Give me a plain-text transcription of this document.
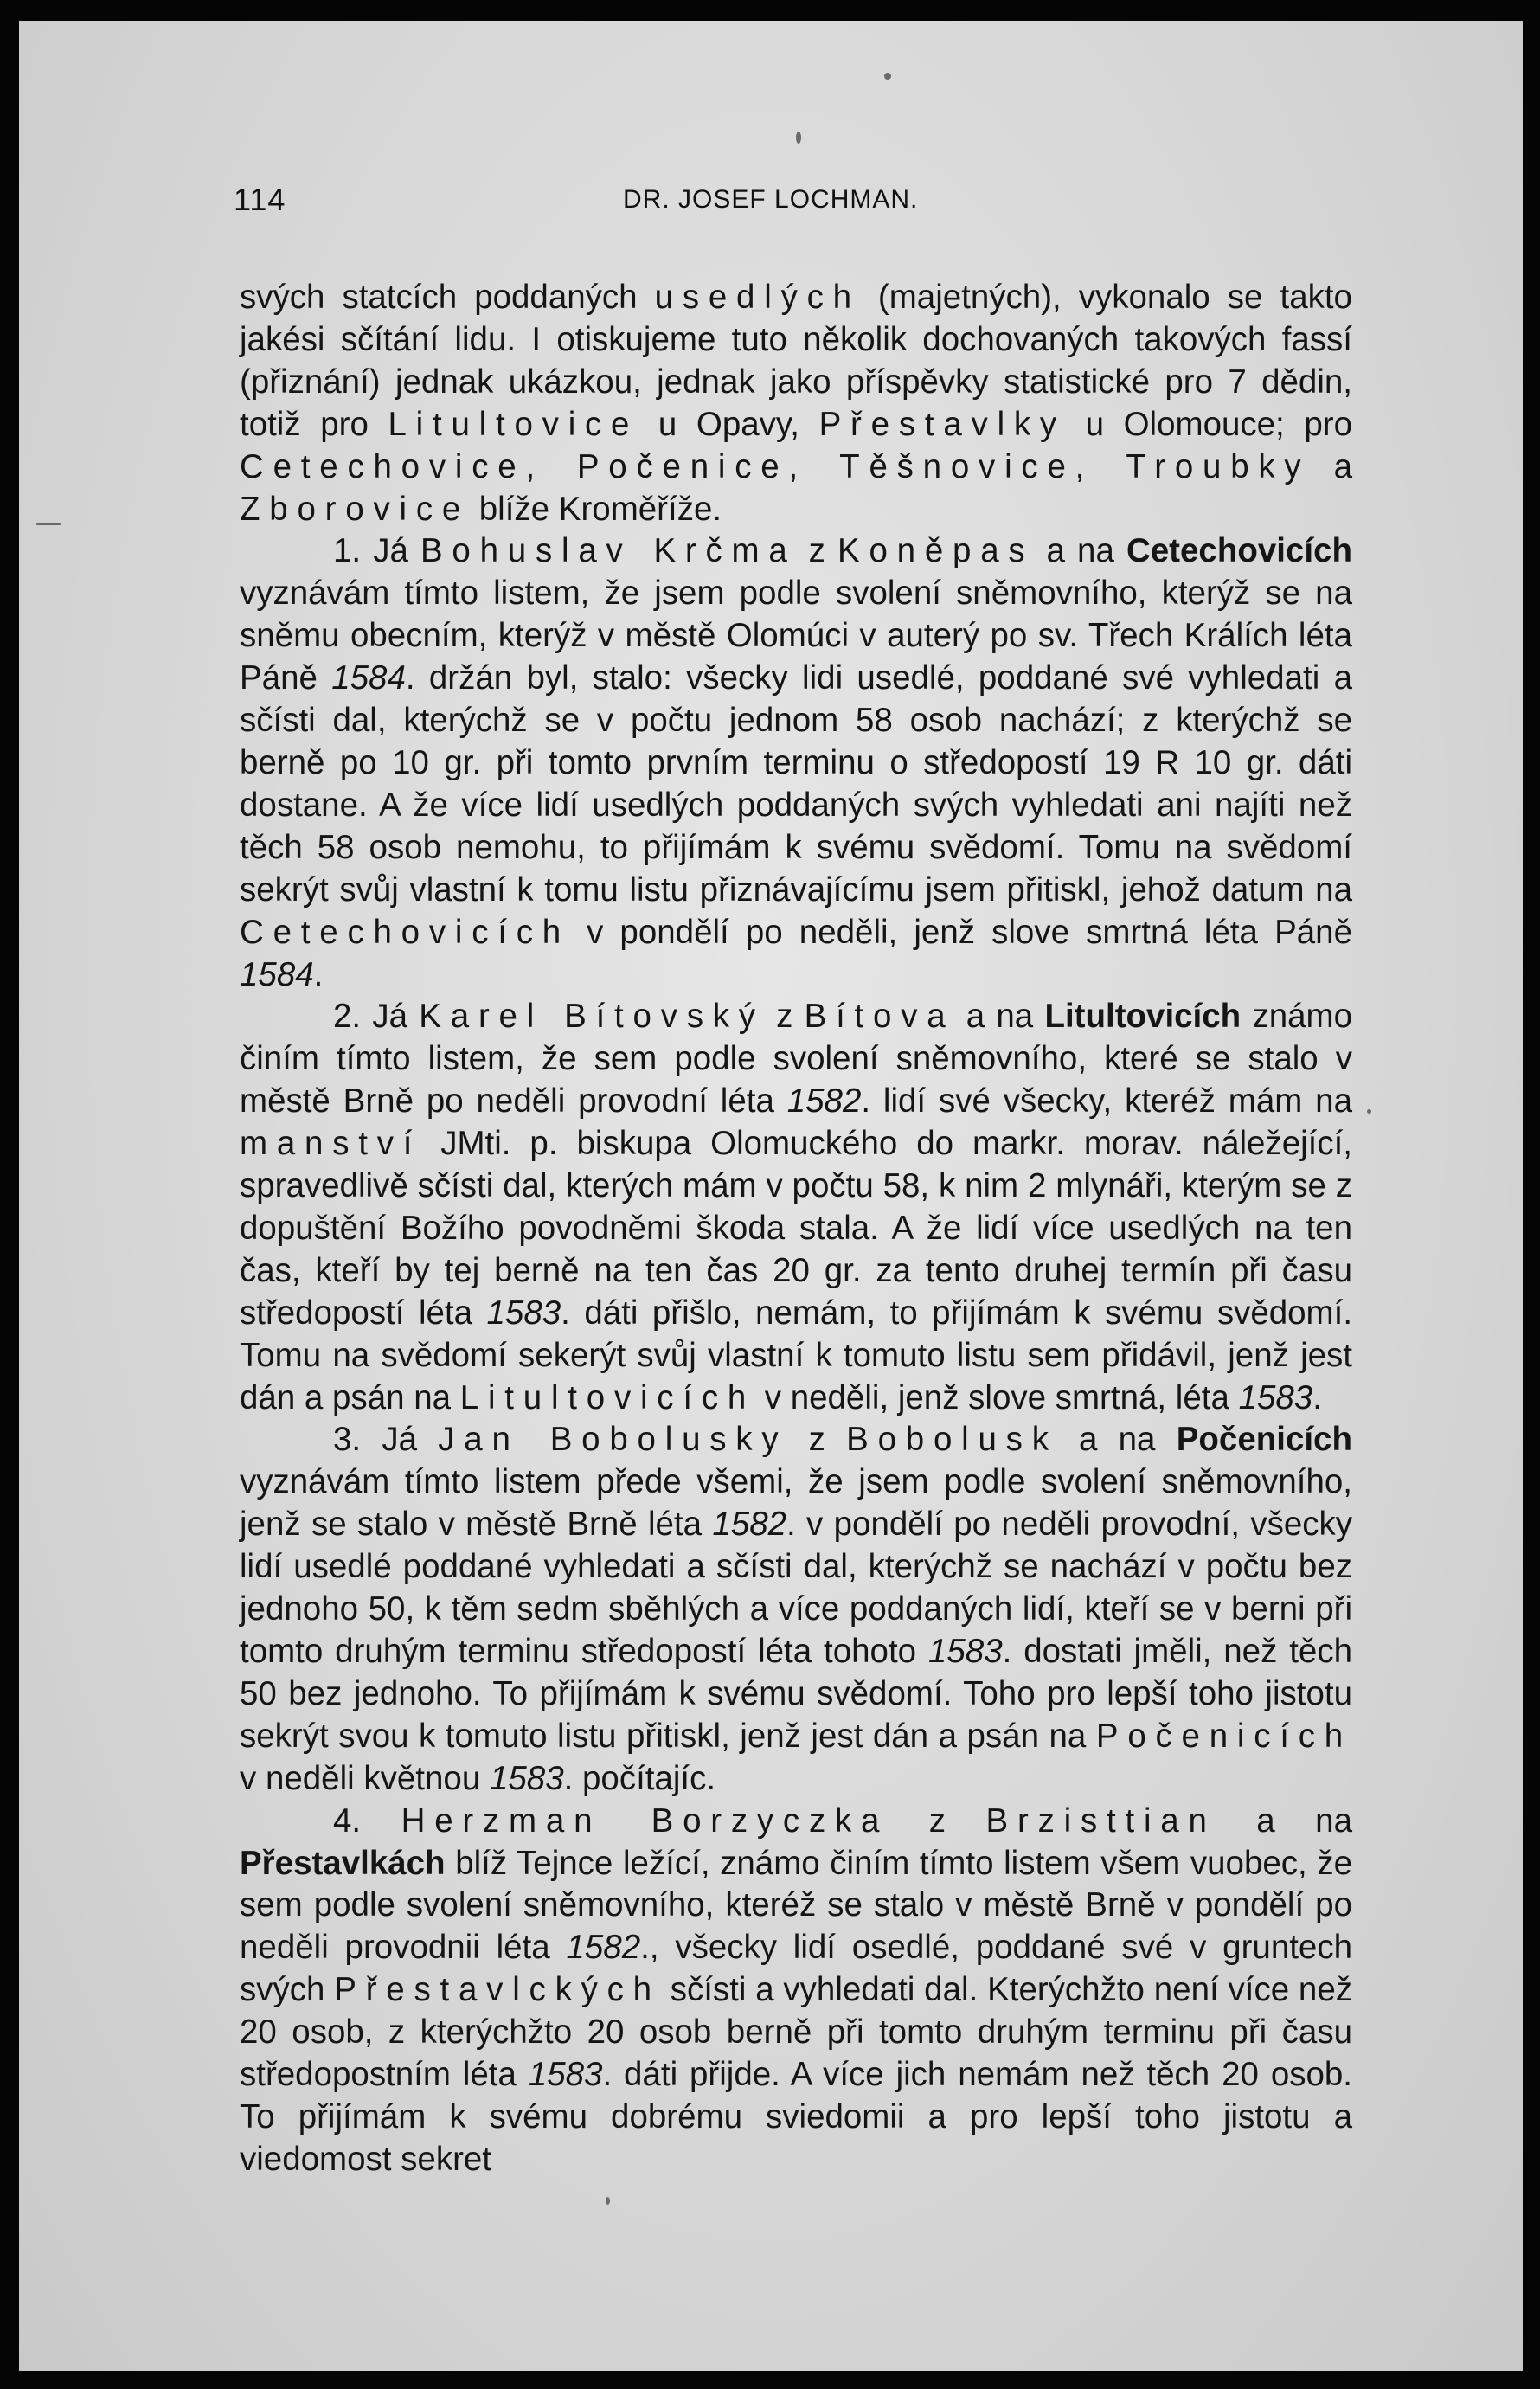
114	DR. JOSEF LOCHMAN.

svých statcích poddaných usedlých (majetných), vykonalo se takto jakési sčítání lidu. I otiskujeme tuto několik dochovaných takových fassí (přiznání) jednak ukázkou, jednak jako příspěvky statistické pro 7 dědin, totiž pro Litultovice u Opavy, Přestavlky u Olomouce; pro Cetechovice, Počenice, Těšnovice, Troubky a Zborovice blíže Kroměříže.

1. Já Bohuslav Krčma z Koněpas a na Cetechovicích vyznávám tímto listem, že jsem podle svolení sněmovního, kterýž se na sněmu obecním, kterýž v městě Olomúci v auterý po sv. Třech Králích léta Páně 1584. držán byl, stalo: všecky lidi usedlé, poddané své vyhledati a sčísti dal, kterýchž se v počtu jednom 58 osob nachází; z kterýchž se berně po 10 gr. při tomto prvním terminu o středopostí 19 R 10 gr. dáti dostane. A že více lidí usedlých poddaných svých vyhledati ani najíti než těch 58 osob nemohu, to přijímám k svému svědomí. Tomu na svědomí sekrýt svůj vlastní k tomu listu přiznávajícímu jsem přitiskl, jehož datum na Cetechovicích v pondělí po neděli, jenž slove smrtná léta Páně 1584.

2. Já Karel Bítovský z Bítova a na Litultovicích známo činím tímto listem, že sem podle svolení sněmovního, které se stalo v městě Brně po neděli provodní léta 1582. lidí své všecky, kteréž mám na manství JMti. p. biskupa Olomuckého do markr. morav. náležející, spravedlivě sčísti dal, kterých mám v počtu 58, k nim 2 mlynáři, kterým se z dopuštění Božího povodněmi škoda stala. A že lidí více usedlých na ten čas, kteří by tej berně na ten čas 20 gr. za tento druhej termín při času středopostí léta 1583. dáti přišlo, nemám, to přijímám k svému svědomí. Tomu na svědomí sekerýt svůj vlastní k tomuto listu sem přidávil, jenž jest dán a psán na Litultovicích v neděli, jenž slove smrtná, léta 1583.

3. Já Jan Bobolusky z Bobolusk a na Počenicích vyznávám tímto listem přede všemi, že jsem podle svolení sněmovního, jenž se stalo v městě Brně léta 1582. v pondělí po neděli provodní, všecky lidí usedlé poddané vyhledati a sčísti dal, kterýchž se nachází v počtu bez jednoho 50, k těm sedm sběhlých a více poddaných lidí, kteří se v berni při tomto druhým terminu středopostí léta tohoto 1583. dostati jměli, než těch 50 bez jednoho. To přijímám k svému svědomí. Toho pro lepší toho jistotu sekrýt svou k tomuto listu přitiskl, jenž jest dán a psán na Počenicích v neděli květnou 1583. počítajíc.

4. Herzman Borzyczka z Brzisttian a na Přestavlkách blíž Tejnce ležící, známo činím tímto listem všem vuobec, že sem podle svolení sněmovního, kteréž se stalo v městě Brně v pondělí po neděli provodnii léta 1582., všecky lidí osedlé, poddané své v gruntech svých Přestavlckých sčísti a vyhledati dal. Kterýchžto není více než 20 osob, z kterýchžto 20 osob berně při tomto druhým terminu při času středopostním léta 1583. dáti přijde. A více jich nemám než těch 20 osob. To přijímám k svému dobrému sviedomii a pro lepší toho jistotu a viedomost sekret
